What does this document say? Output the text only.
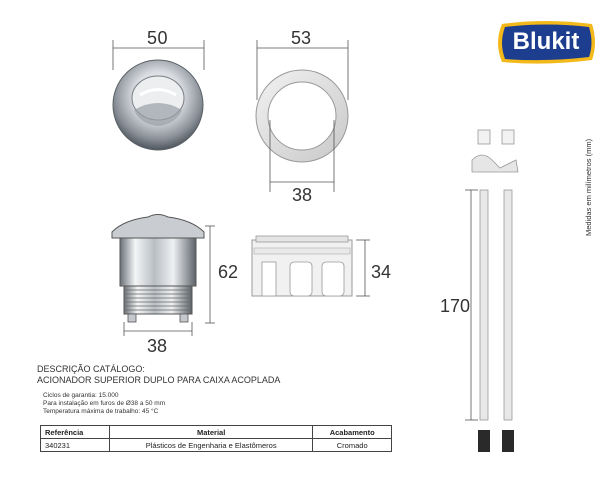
Blukit
Medidas em milímetros (mm)
50	53
38
62
38
34
170
DESCRIÇÃO CATÁLOGO:
ACIONADOR SUPERIOR DUPLO PARA CAIXA ACOPLADA
Ciclos de garantia: 15.000
Para instalação em furos de Ø38 a 50 mm
Temperatura máxima de trabalho: 45 °C
Referência	Material	Acabamento
340231	Plásticos de Engenharia e Elastômeros	Cromado
